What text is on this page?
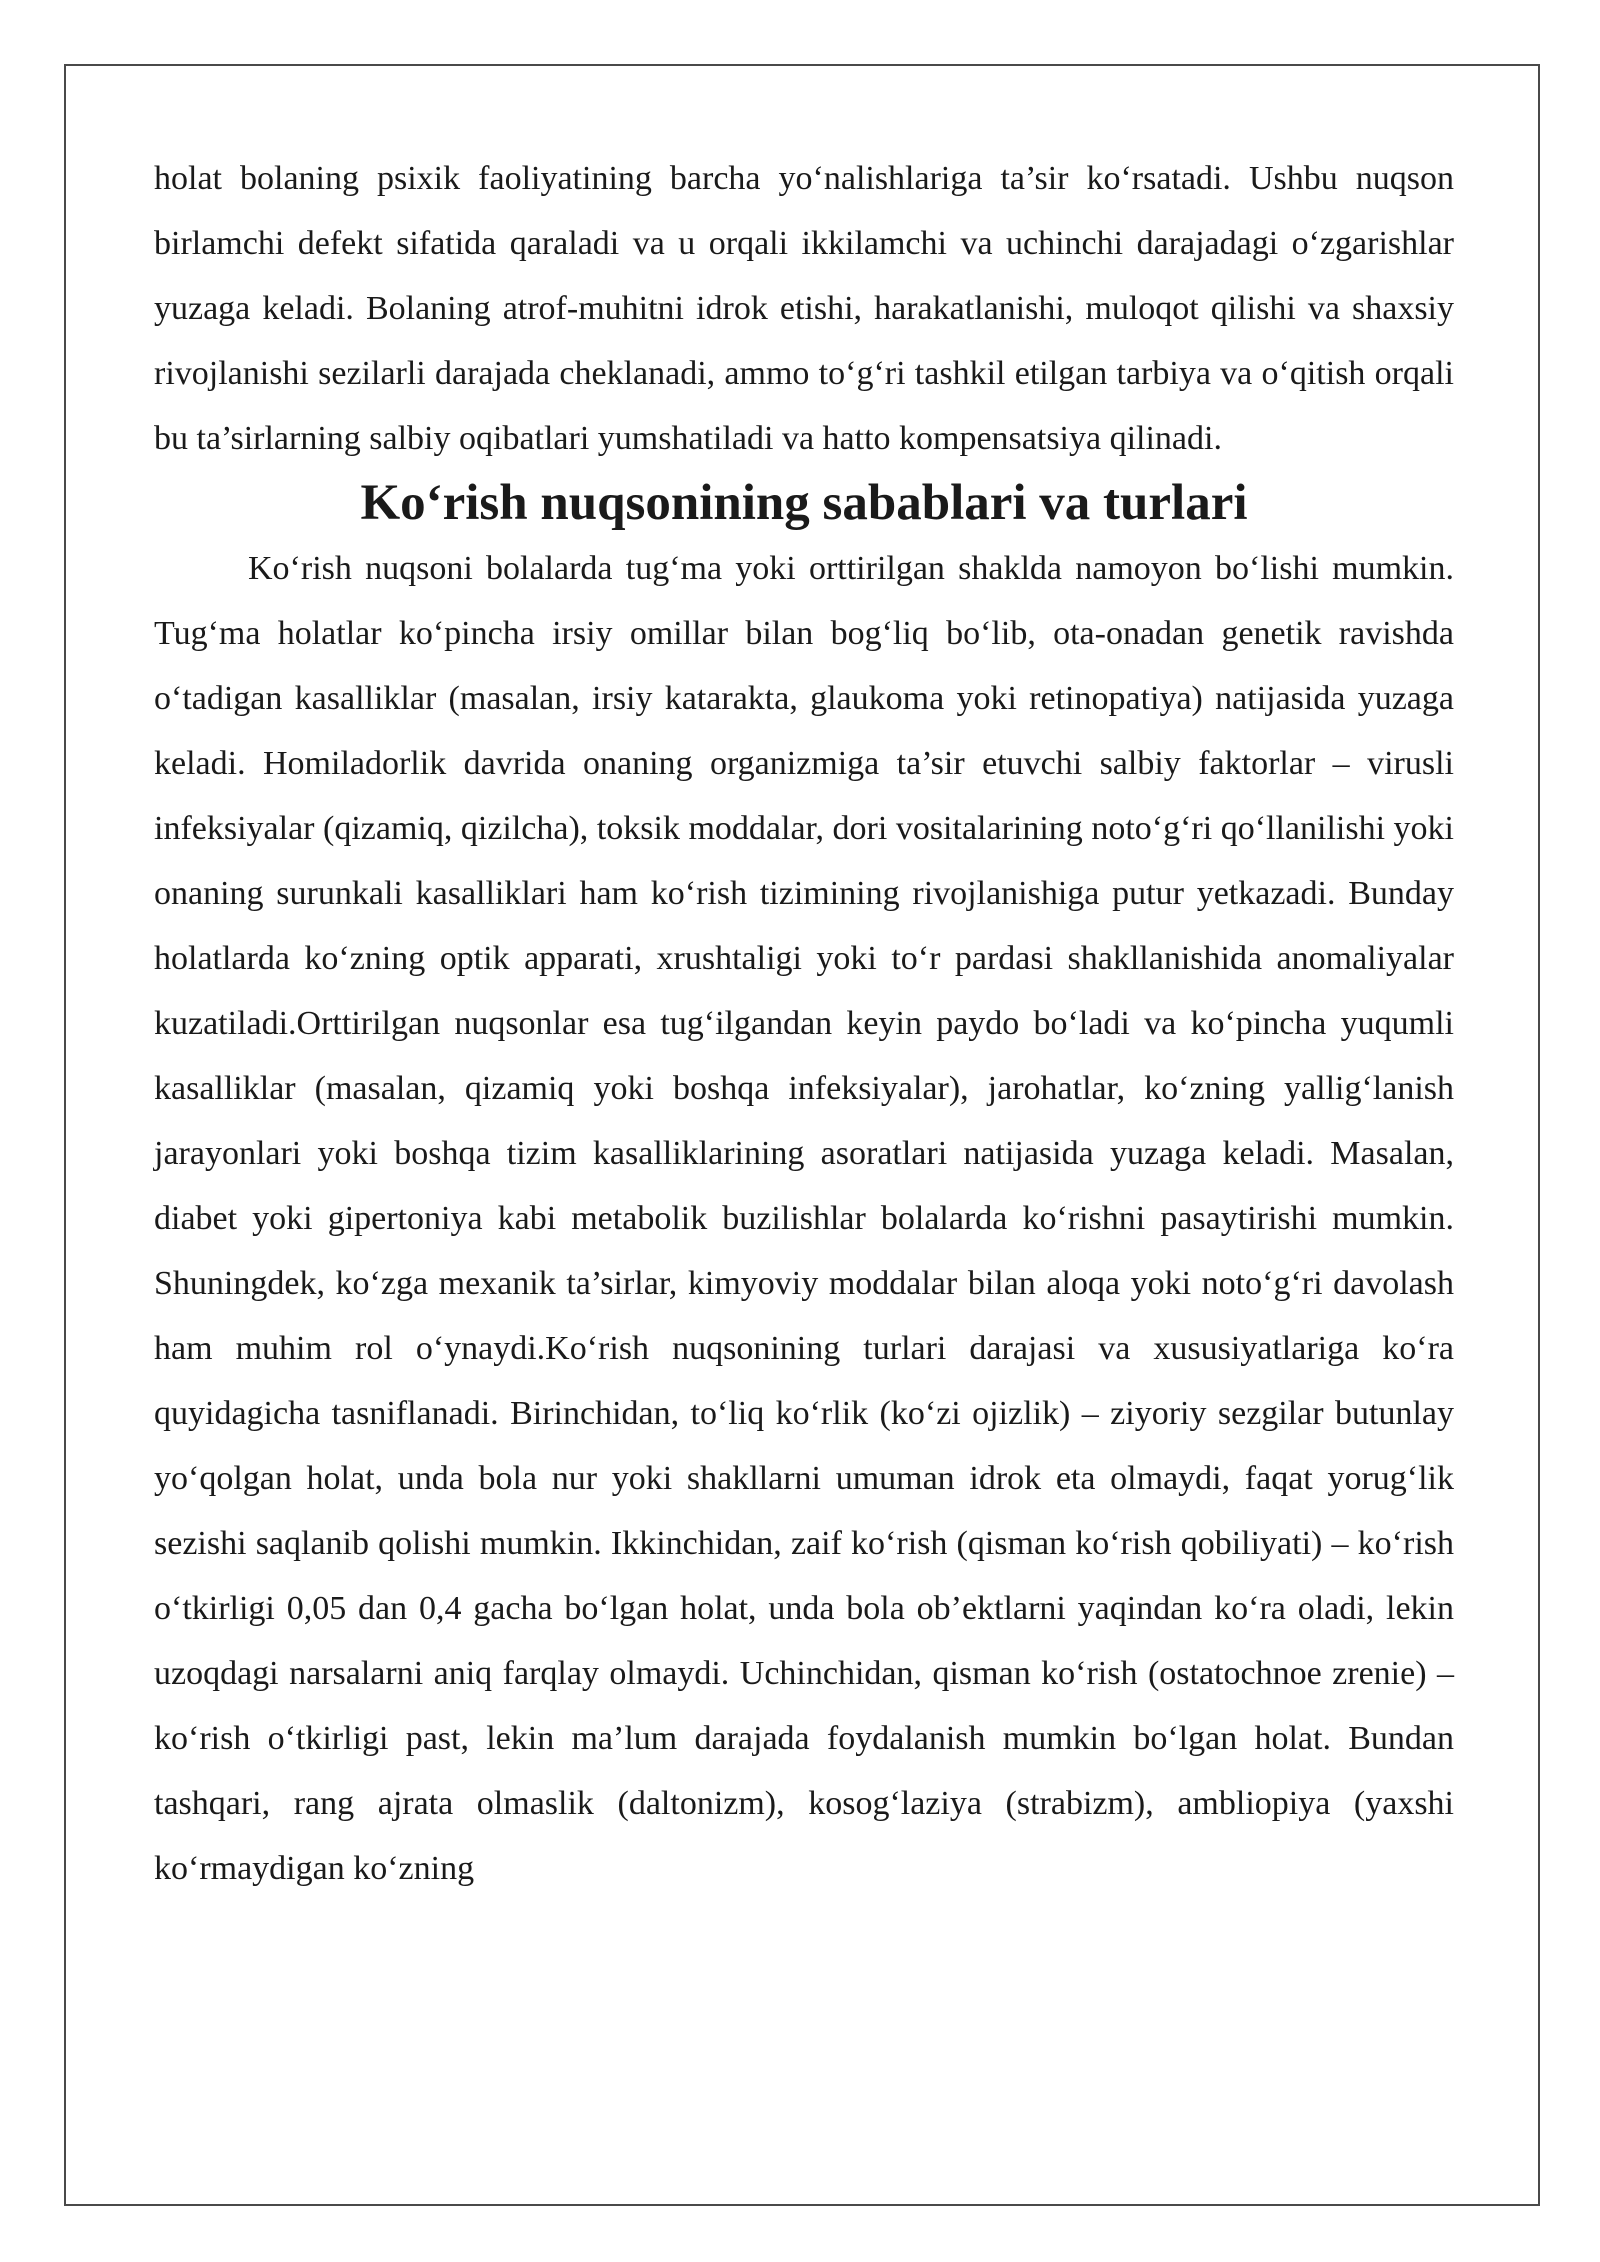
holat bolaning psixik faoliyatining barcha yo‘nalishlariga ta’sir ko‘rsatadi. Ushbu nuqson birlamchi defekt sifatida qaraladi va u orqali ikkilamchi va uchinchi darajadagi o‘zgarishlar yuzaga keladi. Bolaning atrof-muhitni idrok etishi, harakatlanishi, muloqot qilishi va shaxsiy rivojlanishi sezilarli darajada cheklanadi, ammo to‘g‘ri tashkil etilgan tarbiya va o‘qitish orqali bu ta’sirlarning salbiy oqibatlari yumshatiladi va hatto kompensatsiya qilinadi.

Ko‘rish nuqsonining sabablari va turlari

Ko‘rish nuqsoni bolalarda tug‘ma yoki orttirilgan shakldа namoyon bo‘lishi mumkin. Tug‘ma holatlar ko‘pincha irsiy omillar bilan bog‘liq bo‘lib, ota-onadan genetik ravishda o‘tadigan kasalliklar (masalan, irsiy katarakta, glaukoma yoki retinopatiya) natijasida yuzaga keladi. Homiladorlik davrida onaning organizmiga ta’sir etuvchi salbiy faktorlar – virusli infeksiyalar (qizamiq, qizilcha), toksik moddalar, dori vositalarining noto‘g‘ri qo‘llanilishi yoki onaning surunkali kasalliklari ham ko‘rish tizimining rivojlanishiga putur yetkazadi. Bunday holatlarda ko‘zning optik apparati, xrushtaligi yoki to‘r pardasi shakllanishida anomaliyalar kuzatiladi.Orttirilgan nuqsonlar esa tug‘ilgandan keyin paydo bo‘ladi va ko‘pincha yuqumli kasalliklar (masalan, qizamiq yoki boshqa infeksiyalar), jarohatlar, ko‘zning yallig‘lanish jarayonlari yoki boshqa tizim kasalliklarining asoratlari natijasida yuzaga keladi. Masalan, diabet yoki gipertoniya kabi metabolik buzilishlar bolalarda ko‘rishni pasaytirishi mumkin. Shuningdek, ko‘zga mexanik ta’sirlar, kimyoviy moddalar bilan aloqa yoki noto‘g‘ri davolash ham muhim rol o‘ynaydi.Ko‘rish nuqsonining turlari darajasi va xususiyatlariga ko‘ra quyidagicha tasniflanadi. Birinchidan, to‘liq ko‘rlik (ko‘zi ojizlik) – ziyoriy sezgilar butunlay yo‘qolgan holat, unda bola nur yoki shakllarni umuman idrok eta olmaydi, faqat yorug‘lik sezishi saqlanib qolishi mumkin. Ikkinchidan, zaif ko‘rish (qisman ko‘rish qobiliyati) – ko‘rish o‘tkirligi 0,05 dan 0,4 gacha bo‘lgan holat, unda bola ob’ektlarni yaqindan ko‘ra oladi, lekin uzoqdagi narsalarni aniq farqlay olmaydi. Uchinchidan, qisman ko‘rish (ostatochnoe zrenie) – ko‘rish o‘tkirligi past, lekin ma’lum darajada foydalanish mumkin bo‘lgan holat. Bundan tashqari, rang ajrata olmaslik (daltonizm), kosog‘laziya (strabizm), ambliopiya (yaxshi ko‘rmaydigan ko‘zning
